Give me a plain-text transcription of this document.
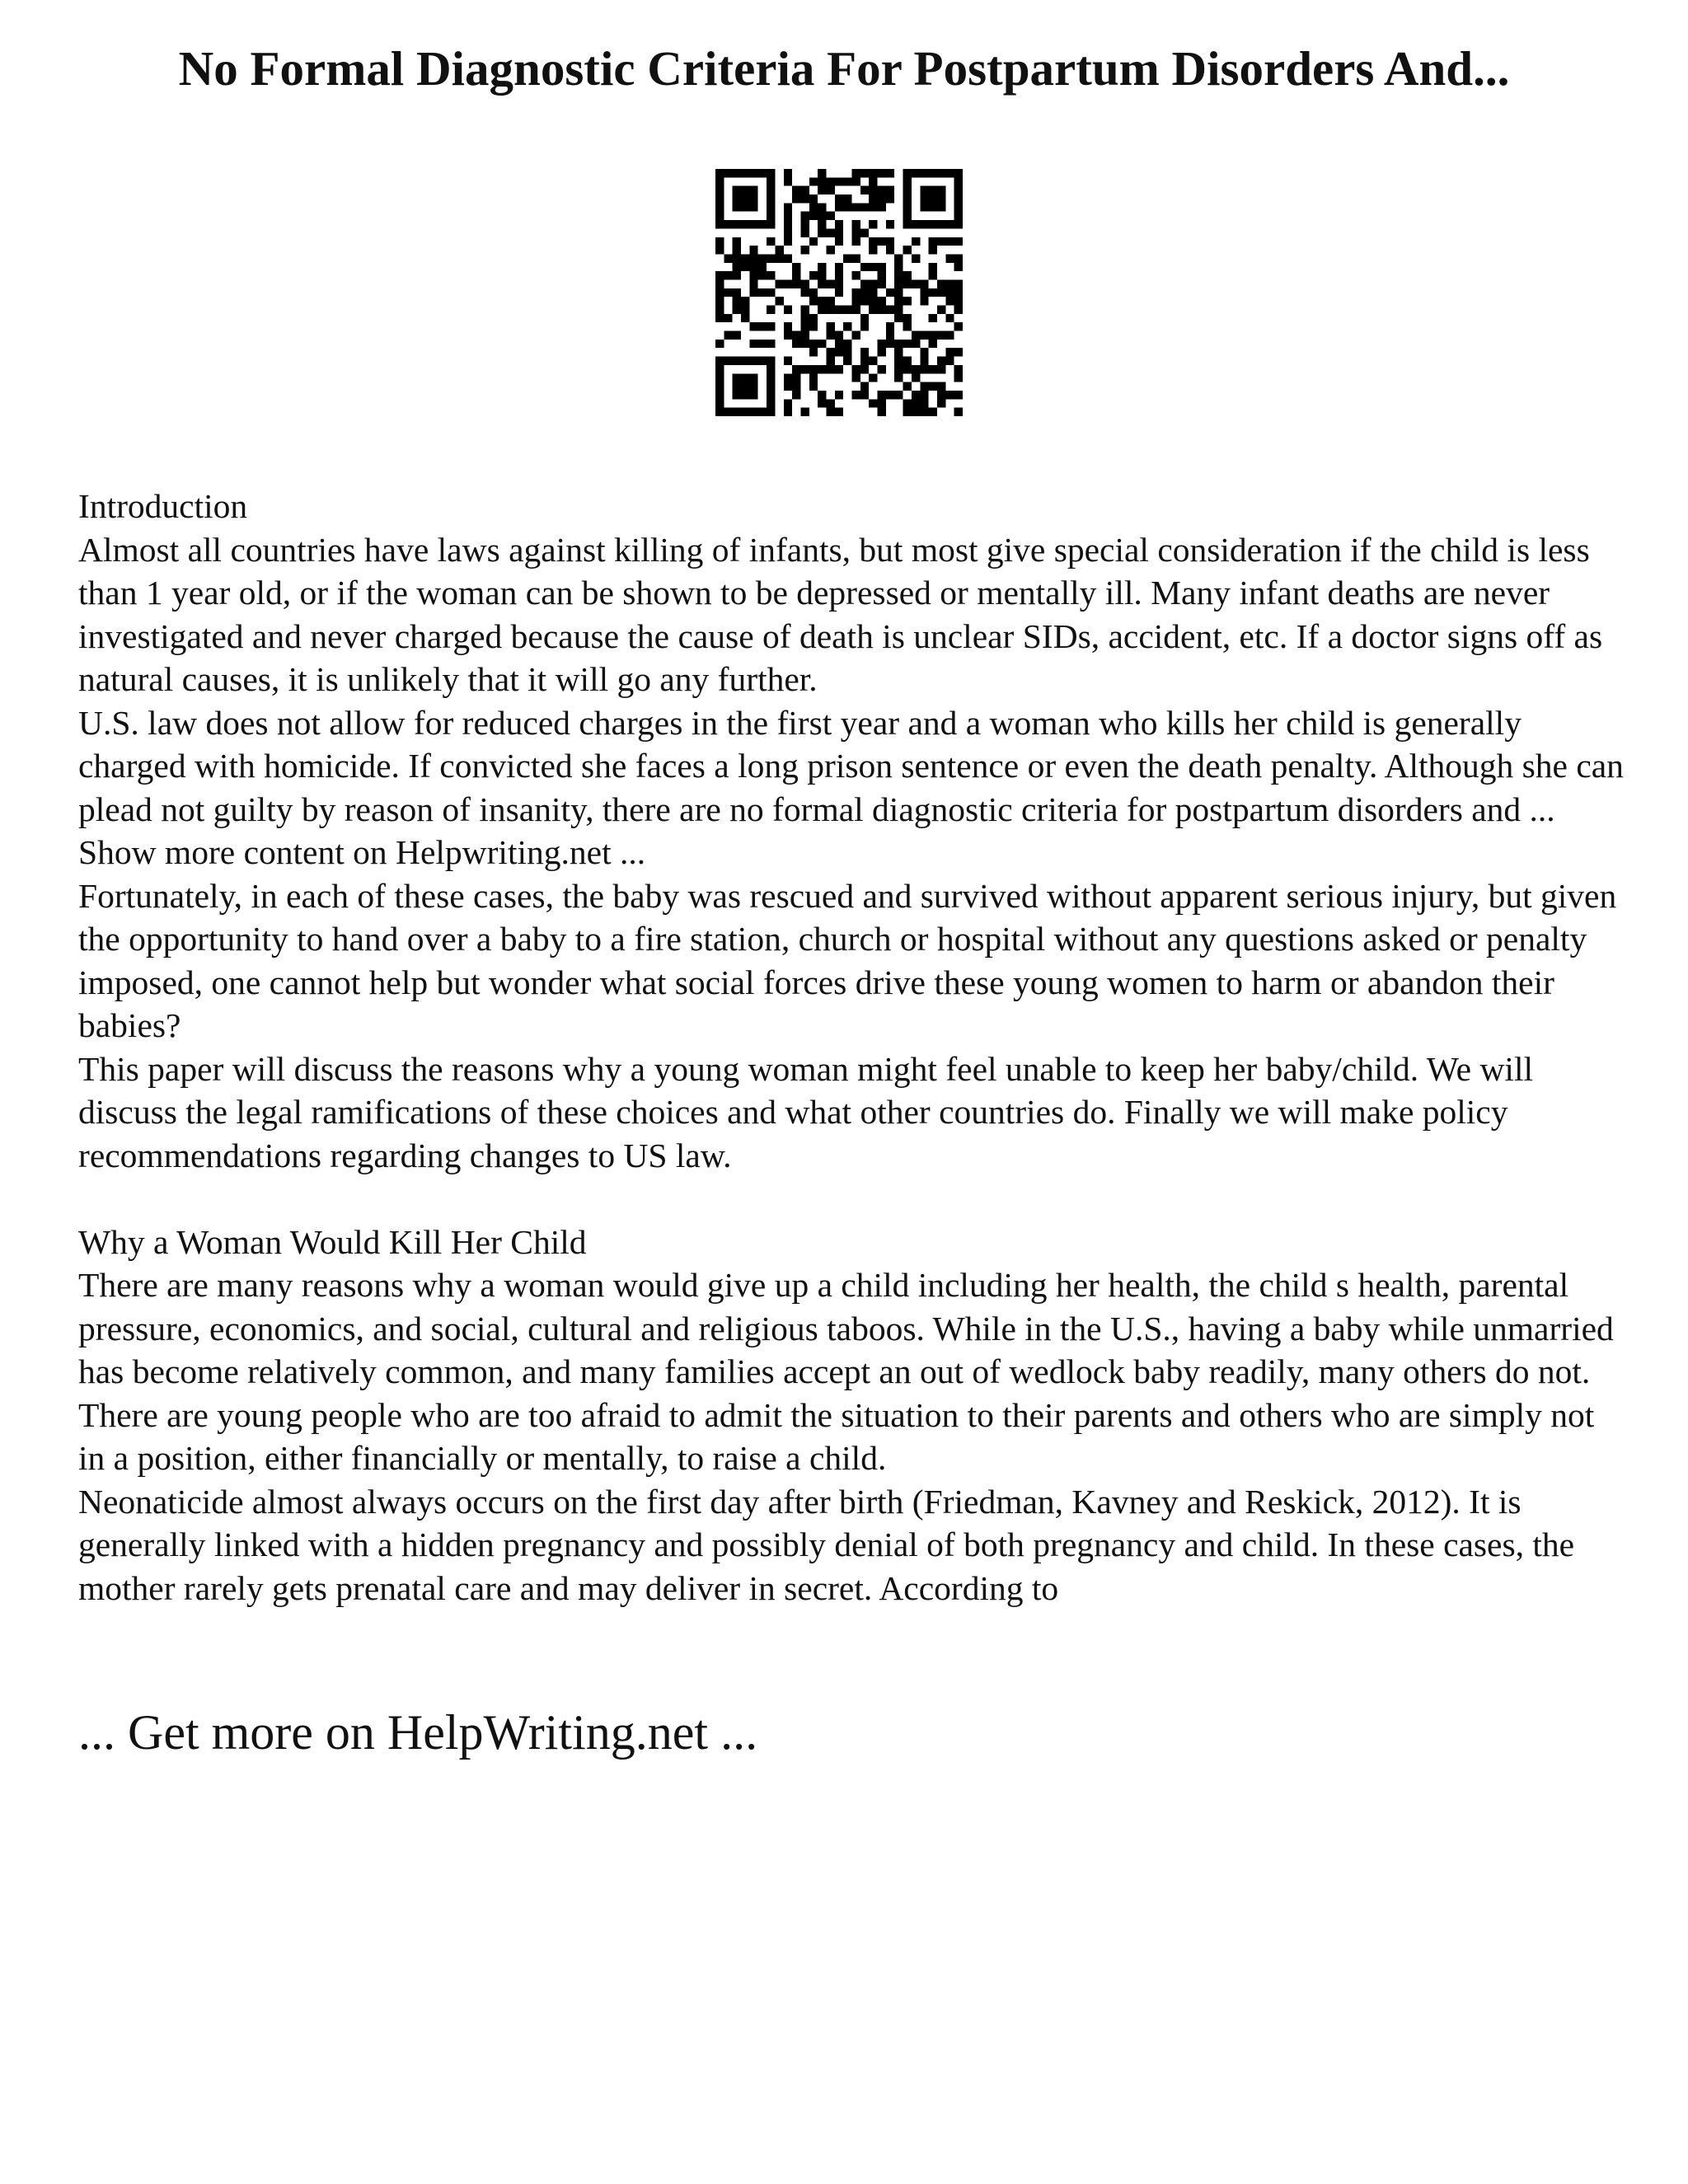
No Formal Diagnostic Criteria For Postpartum Disorders And...
Introduction

Almost all countries have laws against killing of infants, but most give special consideration if the child is less than 1 year old, or if the woman can be shown to be depressed or mentally ill. Many infant deaths are never investigated and never charged because the cause of death is unclear SIDs, accident, etc. If a doctor signs off as natural causes, it is unlikely that it will go any further.

U.S. law does not allow for reduced charges in the first year and a woman who kills her child is generally charged with homicide. If convicted she faces a long prison sentence or even the death penalty. Although she can plead not guilty by reason of insanity, there are no formal diagnostic criteria for postpartum disorders and ... Show more content on Helpwriting.net ...

Fortunately, in each of these cases, the baby was rescued and survived without apparent serious injury, but given the opportunity to hand over a baby to a fire station, church or hospital without any questions asked or penalty imposed, one cannot help but wonder what social forces drive these young women to harm or abandon their babies?

This paper will discuss the reasons why a young woman might feel unable to keep her baby/child. We will discuss the legal ramifications of these choices and what other countries do. Finally we will make policy recommendations regarding changes to US law.

Why a Woman Would Kill Her Child

There are many reasons why a woman would give up a child including her health, the child s health, parental pressure, economics, and social, cultural and religious taboos. While in the U.S., having a baby while unmarried has become relatively common, and many families accept an out of wedlock baby readily, many others do not. There are young people who are too afraid to admit the situation to their parents and others who are simply not in a position, either financially or mentally, to raise a child.

Neonaticide almost always occurs on the first day after birth (Friedman, Kavney and Reskick, 2012). It is generally linked with a hidden pregnancy and possibly denial of both pregnancy and child. In these cases, the mother rarely gets prenatal care and may deliver in secret. According to

... Get more on HelpWriting.net ...
